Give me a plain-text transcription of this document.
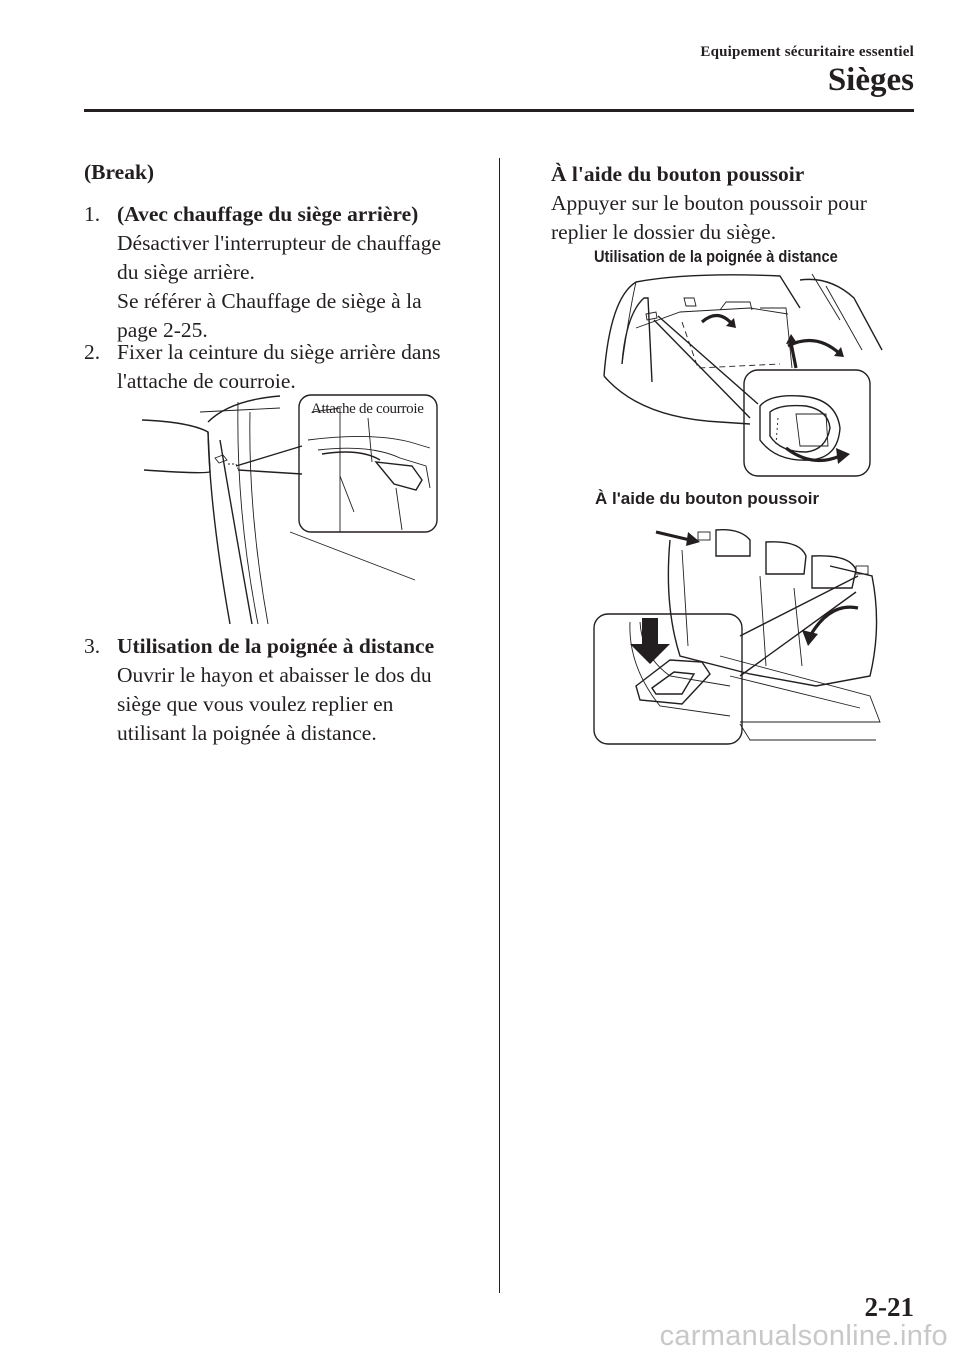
Equipement sécuritaire essentiel
Sièges
(Break)
1. (Avec chauffage du siège arrière)
Désactiver l'interrupteur de chauffage
du siège arrière.
Se référer à Chauffage de siège à la
page 2-25.
2. Fixer la ceinture du siège arrière dans
l'attache de courroie.
Attache de courroie
3. Utilisation de la poignée à distance
Ouvrir le hayon et abaisser le dos du
siège que vous voulez replier en
utilisant la poignée à distance.
À l'aide du bouton poussoir
Appuyer sur le bouton poussoir pour
replier le dossier du siège.
Utilisation de la poignée à distance
À l'aide du bouton poussoir
2-21
carmanualsonline.info
